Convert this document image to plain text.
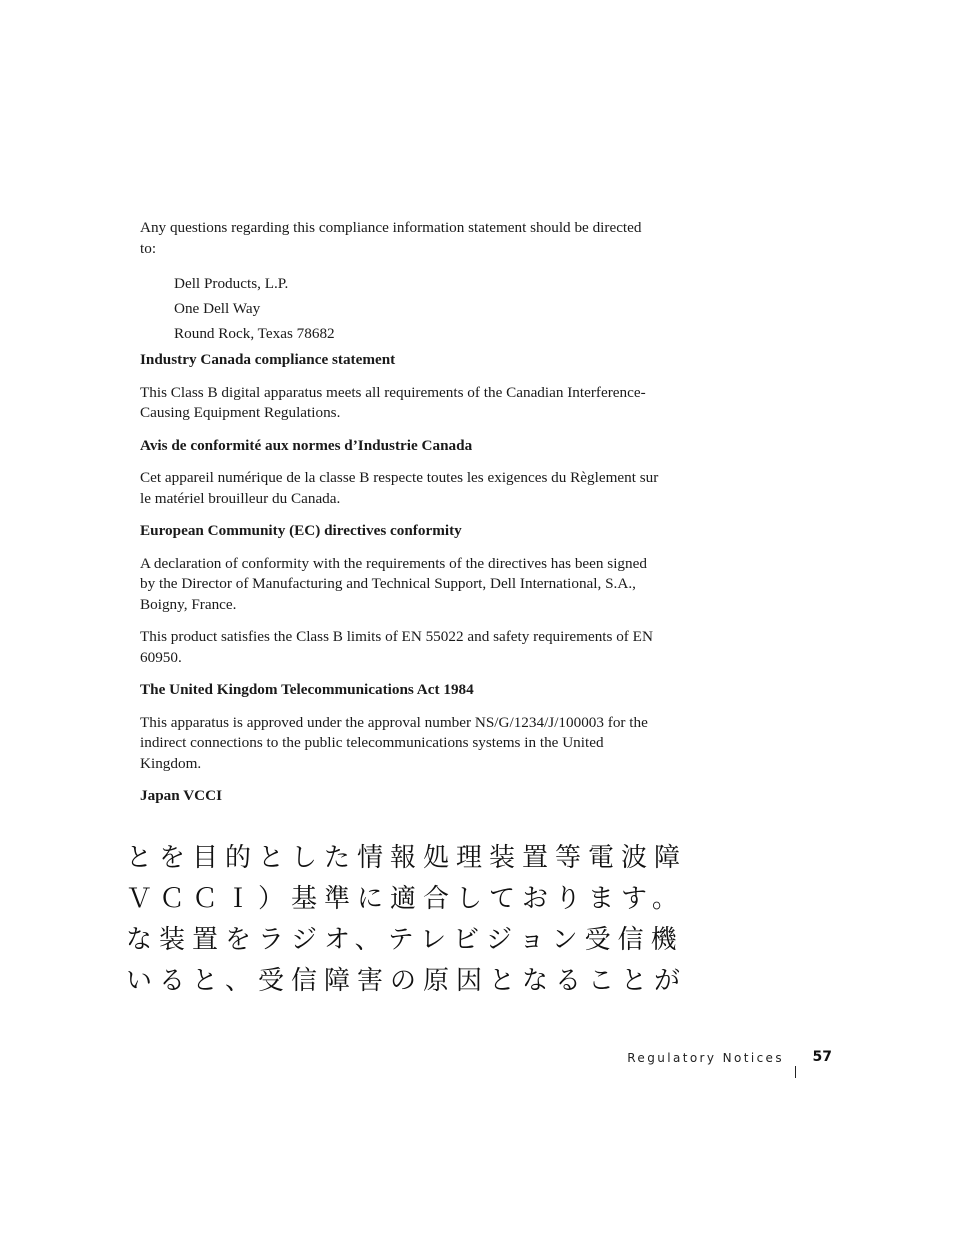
Any questions regarding this compliance information statement should be directed to:

Dell Products, L.P.
One Dell Way
Round Rock, Texas 78682
Industry Canada compliance statement

This Class B digital apparatus meets all requirements of the Canadian Interference-Causing Equipment Regulations.

Avis de conformité aux normes d’Industrie Canada

Cet appareil numérique de la classe B respecte toutes les exigences du Règlement sur le matériel brouilleur du Canada.

European Community (EC) directives conformity

A declaration of conformity with the requirements of the directives has been signed by the Director of Manufacturing and Technical Support, Dell International, S.A., Boigny, France.

This product satisfies the Class B limits of EN 55022 and safety requirements of EN 60950.

The United Kingdom Telecommunications Act 1984

This apparatus is approved under the approval number NS/G/1234/J/100003 for the indirect connections to the public telecommunications systems in the United Kingdom.

Japan VCCI
とを目的とした情報処理装置等電波障
ＶＣＣＩ）基準に適合しております。
な装置をラジオ、テレビジョン受信機
いると、受信障害の原因となることが
Regulatory Notices 57
